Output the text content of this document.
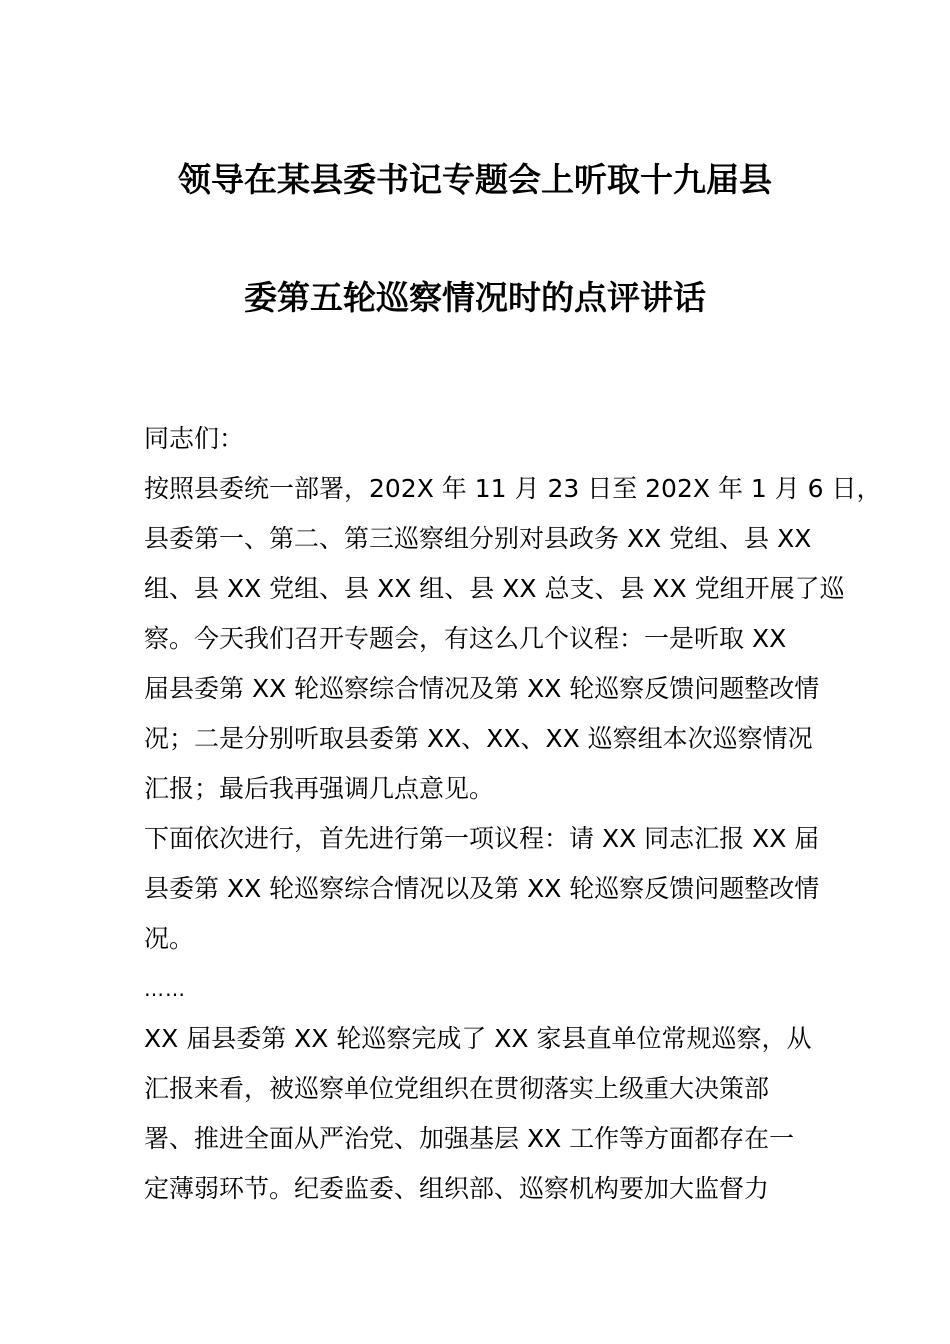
领导在某县委书记专题会上听取十九届县
委第五轮巡察情况时的点评讲话
同志们：
按照县委统一部署，202X 年 11 月 23 日至 202X 年 1 月 6 日，
县委第一、第二、第三巡察组分别对县政务 XX 党组、县 XX
组、县 XX 党组、县 XX 组、县 XX 总支、县 XX 党组开展了巡
察。今天我们召开专题会，有这么几个议程：一是听取 XX
届县委第 XX 轮巡察综合情况及第 XX 轮巡察反馈问题整改情
况；二是分别听取县委第 XX、XX、XX 巡察组本次巡察情况
汇报；最后我再强调几点意见。
下面依次进行，首先进行第一项议程：请 XX 同志汇报 XX 届
县委第 XX 轮巡察综合情况以及第 XX 轮巡察反馈问题整改情
况。
……
XX 届县委第 XX 轮巡察完成了 XX 家县直单位常规巡察，从
汇报来看，被巡察单位党组织在贯彻落实上级重大决策部
署、推进全面从严治党、加强基层 XX 工作等方面都存在一
定薄弱环节。纪委监委、组织部、巡察机构要加大监督力
